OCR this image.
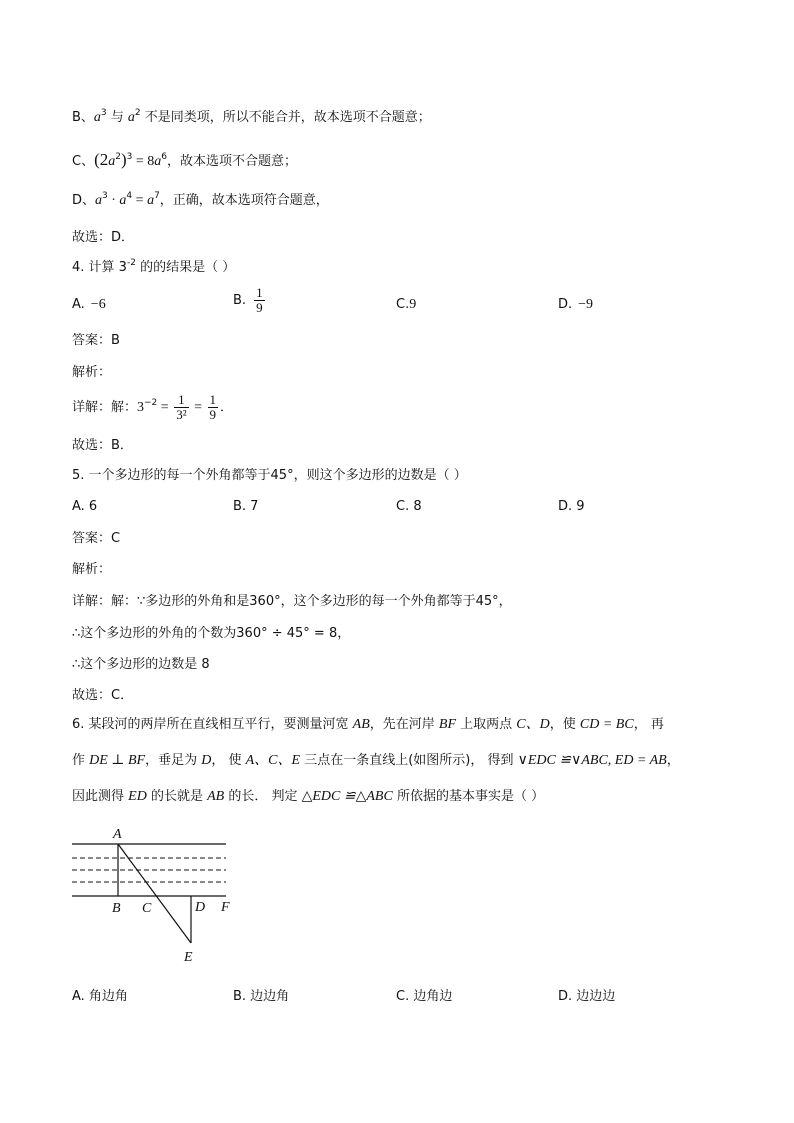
B、$a^3$ 与 $a^2$ 不是同类项，所以不能合并，故本选项不合题意；
C、$(2a^2)^3 = 8a^6$，故本选项不合题意；
D、$a^3 \cdot a^4 = a^7$，正确，故本选项符合题意，
故选：D．
4. 计算 $3^{-2}$ 的的结果是（ ）
A. −6	B. $\frac{1}{9}$	C.9	D. −9
答案：B
解析：
详解：解：$3^{-2} = \frac{1}{\text{3²}} = \frac{1}{9}$ ．
故选：B．
5. 一个多边形的每一个外角都等于45°，则这个多边形的边数是（ ）
A. 6	B. 7	C. 8	D. 9
答案：C
解析：
详解：解：∵多边形的外角和是360°，这个多边形的每一个外角都等于45°，
∴这个多边形的外角的个数为360° ÷ 45° = 8，
∴这个多边形的边数是 8
故选：C．
6. 某段河的两岸所在直线相互平行，要测量河宽 AB，先在河岸 BF 上取两点 C、D，使 CD = BC， 再
作 DE ⊥ BF，垂足为 D， 使 A、C、E 三点在一条直线上(如图所示)， 得到 ∨EDC ≌∨ABC, ED = AB，
因此测得 ED 的长就是 AB 的长． 判定 △EDC ≌△ABC 所依据的基本事实是（ ）
A
B C	D F
E
A. 角边角	B. 边边角	C. 边角边	D. 边边边
